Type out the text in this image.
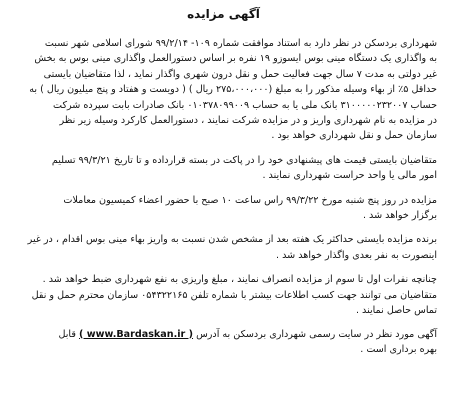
آگهی مزایده
شهرداری بردسکن در نظر دارد به استناد موافقت شماره ۱۰۹- ۹۹/۲/۱۴ شورای اسلامی شهر نسبت
به واگذاری یک دستگاه مینی بوس ایسوزو ۱۹ نفره بر اساس دستورالعمل واگذاری مینی بوس به بخش
غیر دولتی به مدت ۷ سال جهت فعالیت حمل و نقل درون شهری واگذار نماید ، لذا متقاضیان بایستی
حداقل ۵٪ از بهاء وسیله مذکور را به مبلغ (۲۷۵،۰۰۰،۰۰۰ ریال ) ( دویست و هفتاد و پنج میلیون ریال ) به
حساب ۳۱۰۰۰۰۰۲۳۲۰۰۷ بانک ملی یا به حساب ۰۱۰۳۷۸۰۹۹۰۰۹ بانک صادرات بابت سپرده شرکت
در مزایده به نام شهرداری واریز و در مزایده شرکت نمایند ، دستورالعمل کارکرد وسیله زیر نظر
سازمان حمل و نقل شهرداری خواهد بود .
متقاضیان بایستی قیمت های پیشنهادی خود را در پاکت در بسته قرارداده و تا تاریخ ۹۹/۳/۲۱ تسلیم
امور مالی یا واحد حراست شهرداری نمایند .
مزایده در روز پنج شنبه مورخ ۹۹/۳/۲۲ راس ساعت ۱۰ صبح با حضور اعضاء کمیسیون معاملات
برگزار خواهد شد .
برنده مزایده بایستی حداکثر یک هفته بعد از مشخص شدن نسبت به واریز بهاء مینی بوس اقدام ، در غیر
اینصورت به نفر بعدی واگذار خواهد شد .
چنانچه نفرات اول تا سوم از مزایده انصراف نمایند ، مبلغ واریزی به نفع شهرداری ضبط خواهد شد .
متقاضیان می توانند جهت کسب اطلاعات بیشتر با شماره تلفن ۰۵۴۳۲۲۱۶۵ سازمان محترم حمل و نقل
تماس حاصل نمایند .
آگهی مورد نظر در سایت رسمی شهرداری بردسکن به آدرس ( www.Bardaskan.ir ) قابل
بهره برداری است .
